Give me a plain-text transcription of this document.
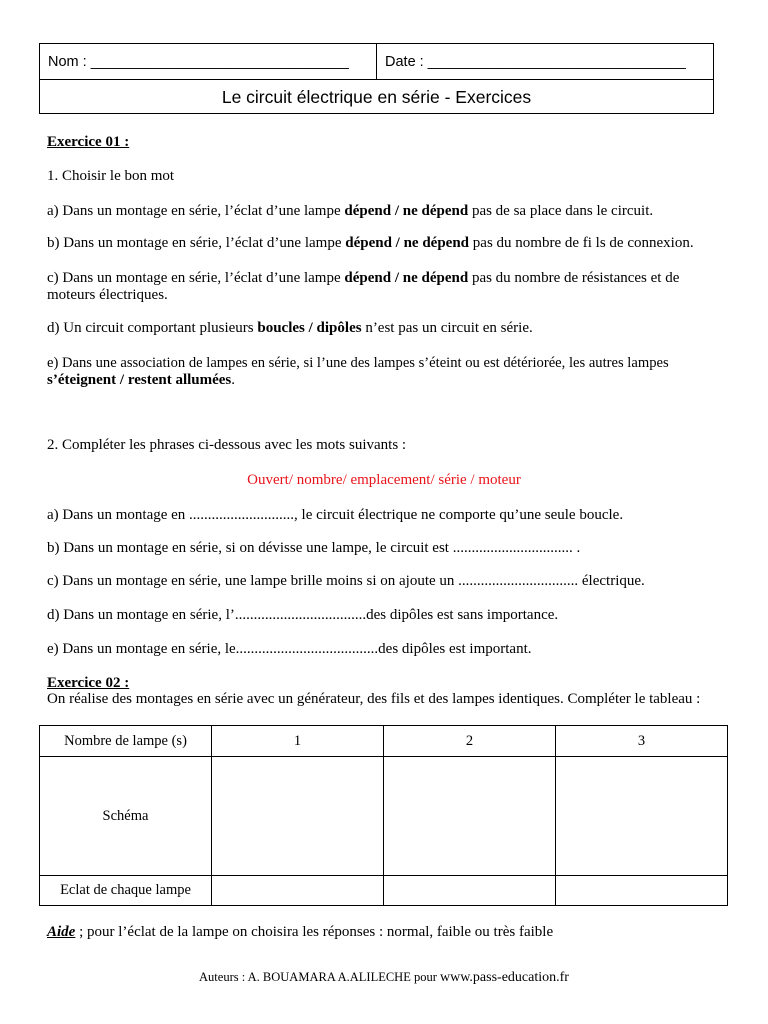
Nom : ________________________________	Date : ________________________________
Le circuit électrique en série - Exercices
Exercice 01 :
1. Choisir le bon mot
a) Dans un montage en série, l’éclat d’une lampe dépend / ne dépend pas de sa place dans le circuit.
b) Dans un montage en série, l’éclat d’une lampe dépend / ne dépend pas du nombre de fi ls de connexion.
c) Dans un montage en série, l’éclat d’une lampe dépend / ne dépend pas du nombre de résistances et de
moteurs électriques.
d) Un circuit comportant plusieurs boucles / dipôles n’est pas un circuit en série.
e) Dans une association de lampes en série, si l’une des lampes s’éteint ou est détériorée, les autres lampes
s’éteignent / restent allumées.
2. Compléter les phrases ci-dessous avec les mots suivants :
Ouvert/ nombre/ emplacement/ série / moteur
a) Dans un montage en ............................, le circuit électrique ne comporte qu’une seule boucle.
b) Dans un montage en série, si on dévisse une lampe, le circuit est ................................ .
c) Dans un montage en série, une lampe brille moins si on ajoute un ................................ électrique.
d) Dans un montage en série, l’...................................des dipôles est sans importance.
e) Dans un montage en série, le......................................des dipôles est important.
Exercice 02 :
On réalise des montages en série avec un générateur, des fils et des lampes identiques. Compléter le tableau :
Nombre de lampe (s)	1	2	3
Schéma			
Eclat de chaque lampe			
Aide ; pour l’éclat de la lampe on choisira les réponses : normal, faible ou très faible
Auteurs : A. BOUAMARA A.ALILECHE pour www.pass-education.fr
